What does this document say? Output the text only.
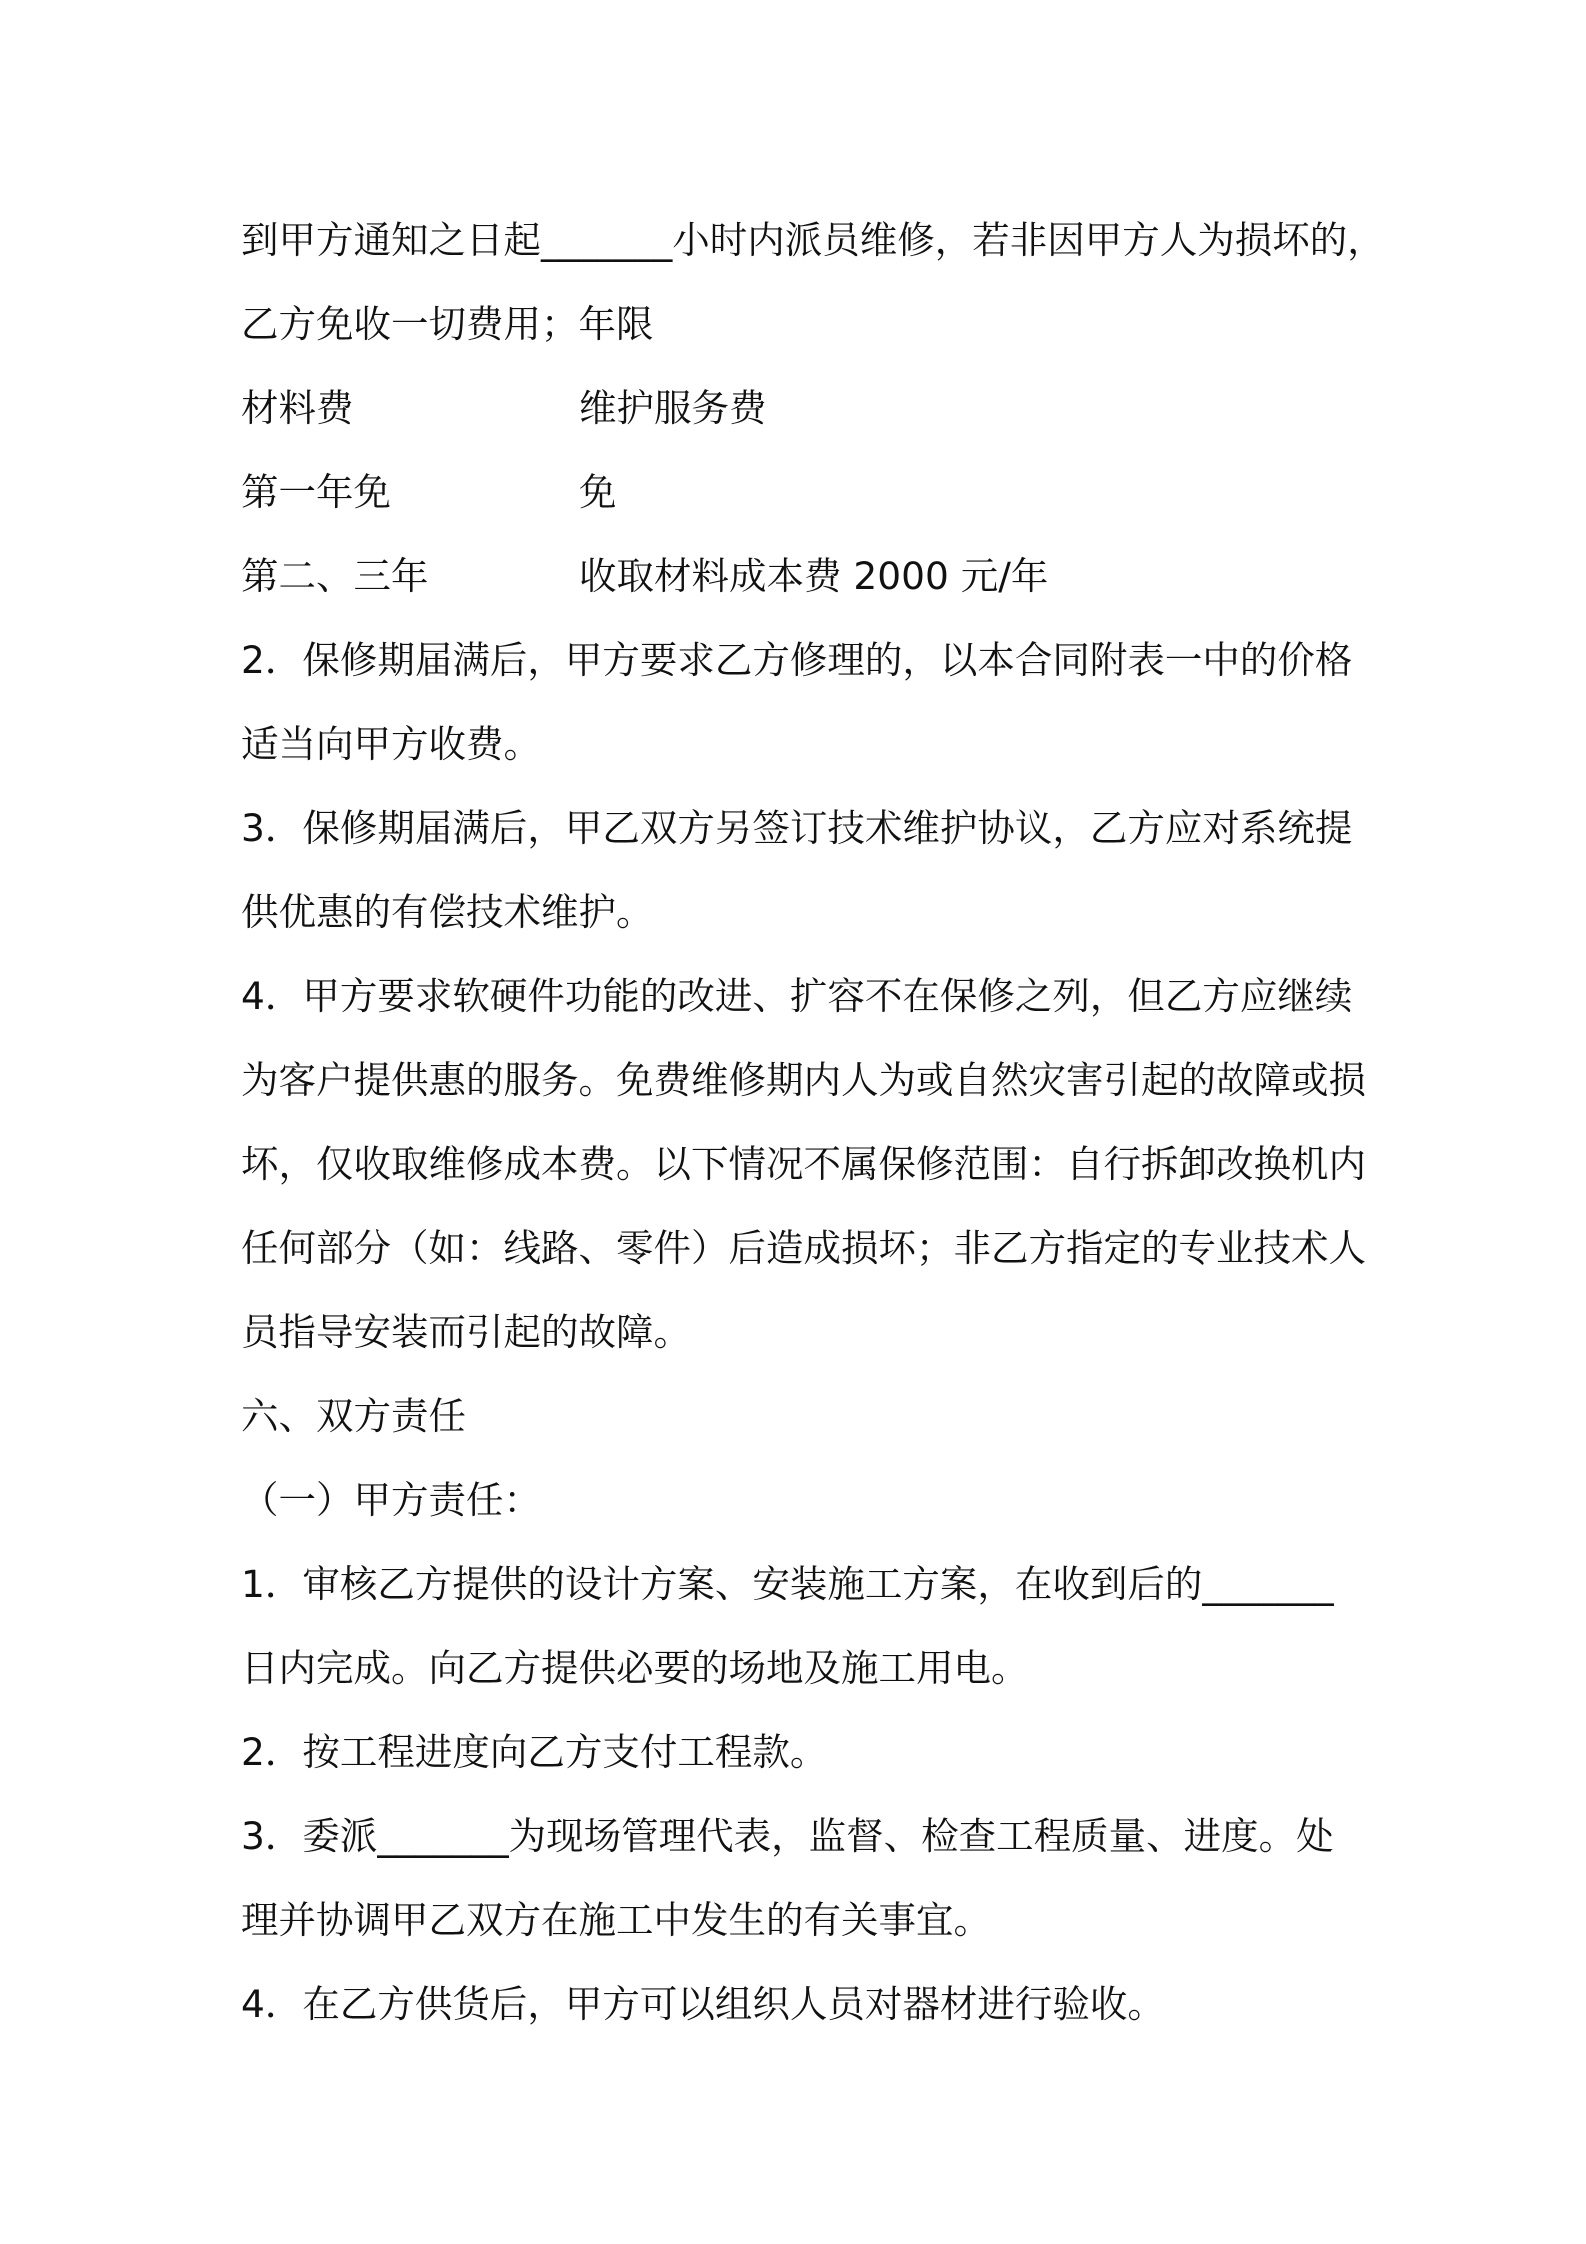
到甲方通知之日起_______小时内派员维修，若非因甲方人为损坏的，
乙方免收一切费用；年限
材料费	维护服务费
第一年免	免
第二、三年	收取材料成本费 2000 元/年
2．保修期届满后，甲方要求乙方修理的，以本合同附表一中的价格
适当向甲方收费。
3．保修期届满后，甲乙双方另签订技术维护协议，乙方应对系统提
供优惠的有偿技术维护。
4．甲方要求软硬件功能的改进、扩容不在保修之列，但乙方应继续
为客户提供惠的服务。免费维修期内人为或自然灾害引起的故障或损
坏，仅收取维修成本费。以下情况不属保修范围：自行拆卸改换机内
任何部分（如：线路、零件）后造成损坏；非乙方指定的专业技术人
员指导安装而引起的故障。
六、双方责任
（一）甲方责任：
1．审核乙方提供的设计方案、安装施工方案，在收到后的_______
日内完成。向乙方提供必要的场地及施工用电。
2．按工程进度向乙方支付工程款。
3．委派_______为现场管理代表，监督、检查工程质量、进度。处
理并协调甲乙双方在施工中发生的有关事宜。
4．在乙方供货后，甲方可以组织人员对器材进行验收。
